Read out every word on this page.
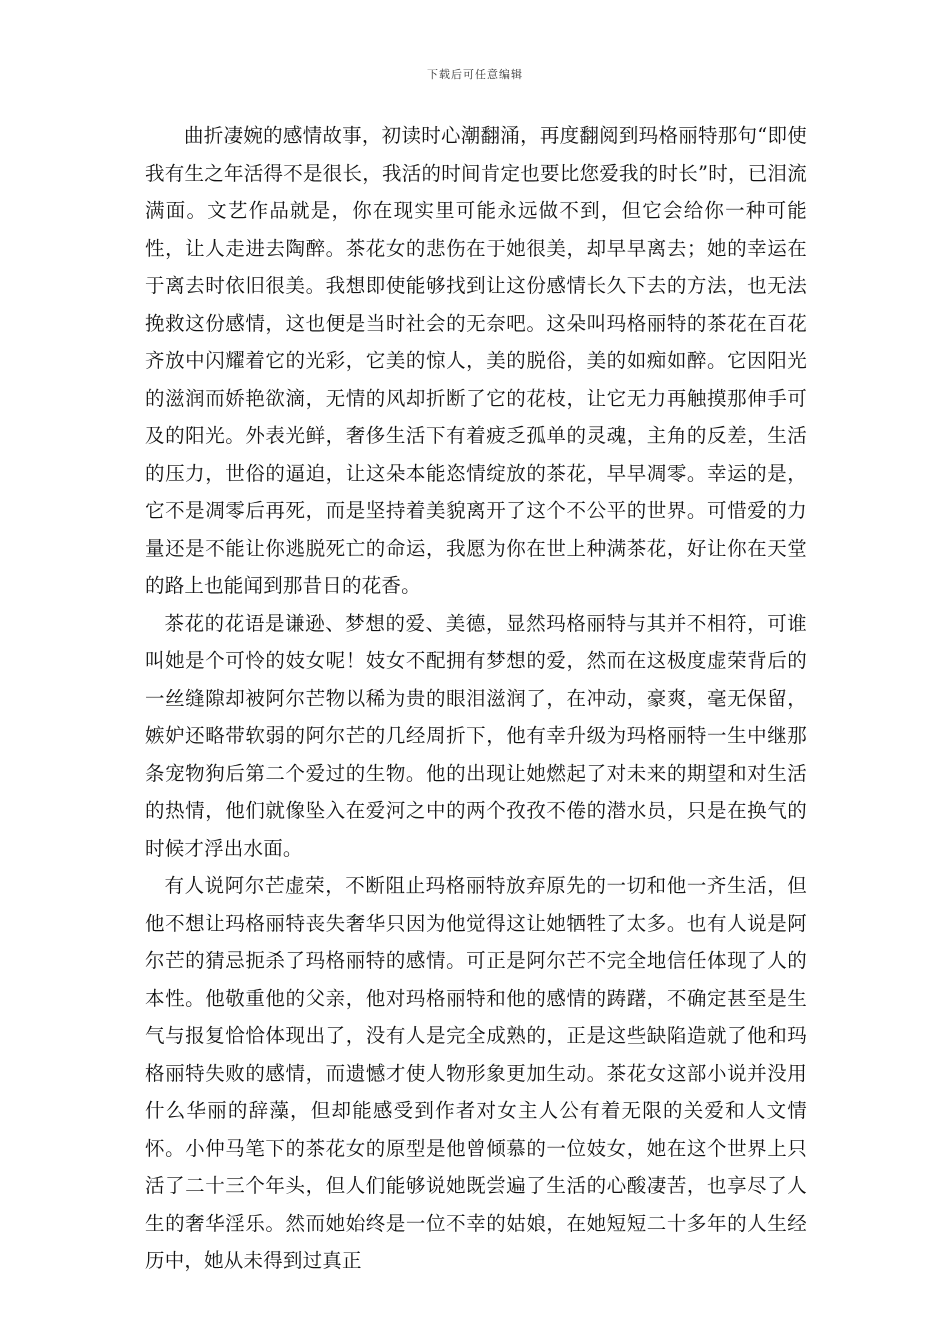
下载后可任意编辑

曲折凄婉的感情故事，初读时心潮翻涌，再度翻阅到玛格丽特那句“即使我有生之年活得不是很长，我活的时间肯定也要比您爱我的时长”时，已泪流满面。文艺作品就是，你在现实里可能永远做不到，但它会给你一种可能性，让人走进去陶醉。茶花女的悲伤在于她很美，却早早离去；她的幸运在于离去时依旧很美。我想即使能够找到让这份感情长久下去的方法，也无法挽救这份感情，这也便是当时社会的无奈吧。这朵叫玛格丽特的茶花在百花齐放中闪耀着它的光彩，它美的惊人，美的脱俗，美的如痴如醉。它因阳光的滋润而娇艳欲滴，无情的风却折断了它的花枝，让它无力再触摸那伸手可及的阳光。外表光鲜，奢侈生活下有着疲乏孤单的灵魂，主角的反差，生活的压力，世俗的逼迫，让这朵本能恣情绽放的茶花，早早凋零。幸运的是，它不是凋零后再死，而是坚持着美貌离开了这个不公平的世界。可惜爱的力量还是不能让你逃脱死亡的命运，我愿为你在世上种满茶花，好让你在天堂的路上也能闻到那昔日的花香。

茶花的花语是谦逊、梦想的爱、美德，显然玛格丽特与其并不相符，可谁叫她是个可怜的妓女呢！妓女不配拥有梦想的爱，然而在这极度虚荣背后的一丝缝隙却被阿尔芒物以稀为贵的眼泪滋润了，在冲动，豪爽，毫无保留，嫉妒还略带软弱的阿尔芒的几经周折下，他有幸升级为玛格丽特一生中继那条宠物狗后第二个爱过的生物。他的出现让她燃起了对未来的期望和对生活的热情，他们就像坠入在爱河之中的两个孜孜不倦的潜水员，只是在换气的时候才浮出水面。

有人说阿尔芒虚荣，不断阻止玛格丽特放弃原先的一切和他一齐生活，但他不想让玛格丽特丧失奢华只因为他觉得这让她牺牲了太多。也有人说是阿尔芒的猜忌扼杀了玛格丽特的感情。可正是阿尔芒不完全地信任体现了人的本性。他敬重他的父亲，他对玛格丽特和他的感情的踌躇，不确定甚至是生气与报复恰恰体现出了，没有人是完全成熟的，正是这些缺陷造就了他和玛格丽特失败的感情，而遗憾才使人物形象更加生动。茶花女这部小说并没用什么华丽的辞藻，但却能感受到作者对女主人公有着无限的关爱和人文情怀。小仲马笔下的茶花女的原型是他曾倾慕的一位妓女，她在这个世界上只活了二十三个年头，但人们能够说她既尝遍了生活的心酸凄苦，也享尽了人生的奢华淫乐。然而她始终是一位不幸的姑娘，在她短短二十多年的人生经历中，她从未得到过真正
